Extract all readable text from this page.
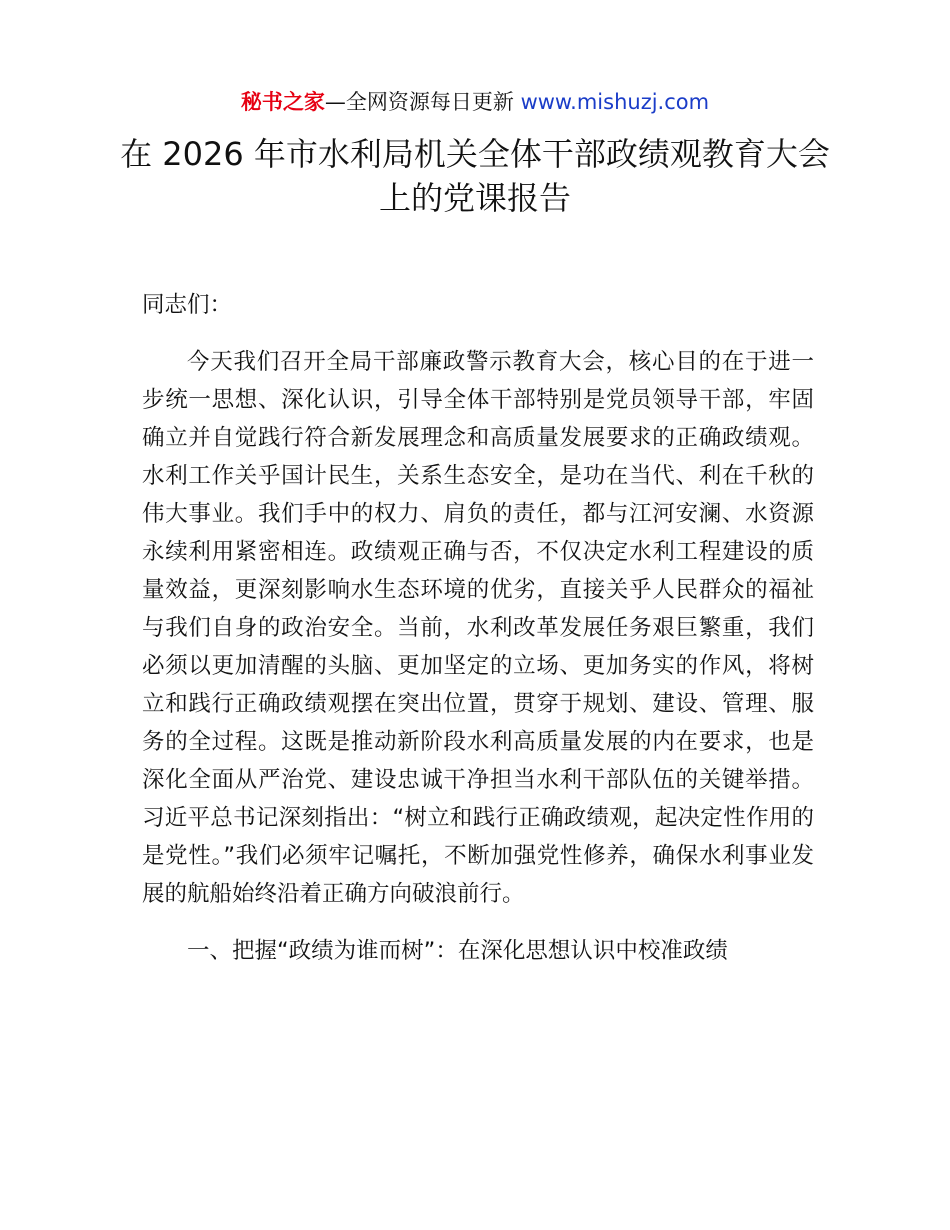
秘书之家—全网资源每日更新 www.mishuzj.com
在 2026 年市水利局机关全体干部政绩观教育大会上的党课报告

同志们：

今天我们召开全局干部廉政警示教育大会，核心目的在于进一步统一思想、深化认识，引导全体干部特别是党员领导干部，牢固确立并自觉践行符合新发展理念和高质量发展要求的正确政绩观。水利工作关乎国计民生，关系生态安全，是功在当代、利在千秋的伟大事业。我们手中的权力、肩负的责任，都与江河安澜、水资源永续利用紧密相连。政绩观正确与否，不仅决定水利工程建设的质量效益，更深刻影响水生态环境的优劣，直接关乎人民群众的福祉与我们自身的政治安全。当前，水利改革发展任务艰巨繁重，我们必须以更加清醒的头脑、更加坚定的立场、更加务实的作风，将树立和践行正确政绩观摆在突出位置，贯穿于规划、建设、管理、服务的全过程。这既是推动新阶段水利高质量发展的内在要求，也是深化全面从严治党、建设忠诚干净担当水利干部队伍的关键举措。习近平总书记深刻指出：“树立和践行正确政绩观，起决定性作用的是党性。”我们必须牢记嘱托，不断加强党性修养，确保水利事业发展的航船始终沿着正确方向破浪前行。

一、把握“政绩为谁而树”：在深化思想认识中校准政绩
